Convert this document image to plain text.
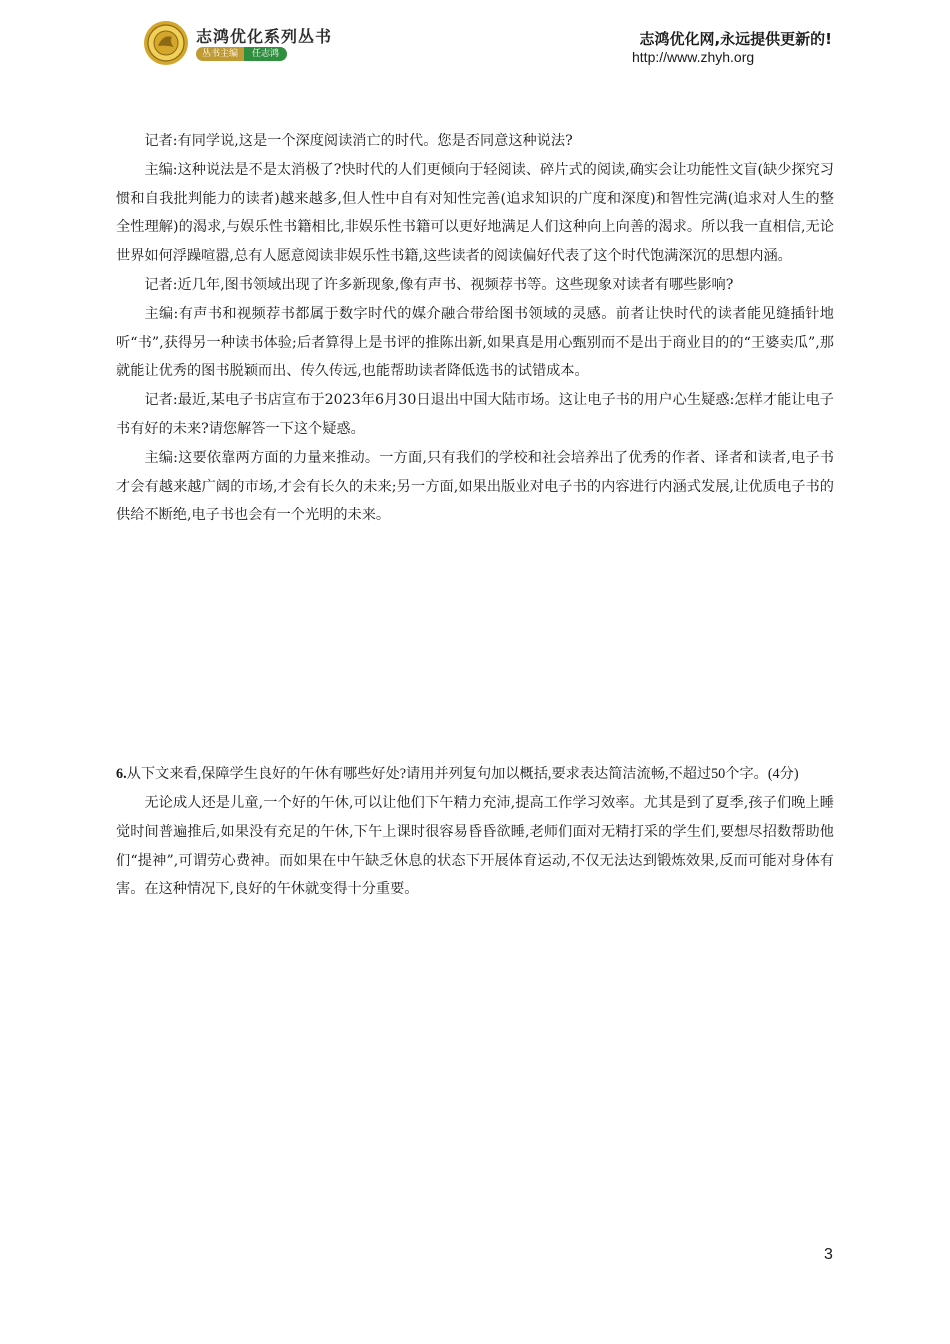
志鸿优化系列丛书
丛书主编	任志鸿
志鸿优化网,永远提供更新的!
http://www.zhyh.org

记者:有同学说,这是一个深度阅读消亡的时代。您是否同意这种说法?

主编:这种说法是不是太消极了?快时代的人们更倾向于轻阅读、碎片式的阅读,确实会让功能性文盲(缺少探究习惯和自我批判能力的读者)越来越多,但人性中自有对知性完善(追求知识的广度和深度)和智性完满(追求对人生的整全性理解)的渴求,与娱乐性书籍相比,非娱乐性书籍可以更好地满足人们这种向上向善的渴求。所以我一直相信,无论世界如何浮躁喧嚣,总有人愿意阅读非娱乐性书籍,这些读者的阅读偏好代表了这个时代饱满深沉的思想内涵。

记者:近几年,图书领域出现了许多新现象,像有声书、视频荐书等。这些现象对读者有哪些影响?

主编:有声书和视频荐书都属于数字时代的媒介融合带给图书领域的灵感。前者让快时代的读者能见缝插针地听“书”,获得另一种读书体验;后者算得上是书评的推陈出新,如果真是用心甄别而不是出于商业目的的“王婆卖瓜”,那就能让优秀的图书脱颖而出、传久传远,也能帮助读者降低选书的试错成本。

记者:最近,某电子书店宣布于2023年6月30日退出中国大陆市场。这让电子书的用户心生疑惑:怎样才能让电子书有好的未来?请您解答一下这个疑惑。

主编:这要依靠两方面的力量来推动。一方面,只有我们的学校和社会培养出了优秀的作者、译者和读者,电子书才会有越来越广阔的市场,才会有长久的未来;另一方面,如果出版业对电子书的内容进行内涵式发展,让优质电子书的供给不断绝,电子书也会有一个光明的未来。

6.从下文来看,保障学生良好的午休有哪些好处?请用并列复句加以概括,要求表达简洁流畅,不超过50个字。(4分)

无论成人还是儿童,一个好的午休,可以让他们下午精力充沛,提高工作学习效率。尤其是到了夏季,孩子们晚上睡觉时间普遍推后,如果没有充足的午休,下午上课时很容易昏昏欲睡,老师们面对无精打采的学生们,要想尽招数帮助他们“提神”,可谓劳心费神。而如果在中午缺乏休息的状态下开展体育运动,不仅无法达到锻炼效果,反而可能对身体有害。在这种情况下,良好的午休就变得十分重要。

3
